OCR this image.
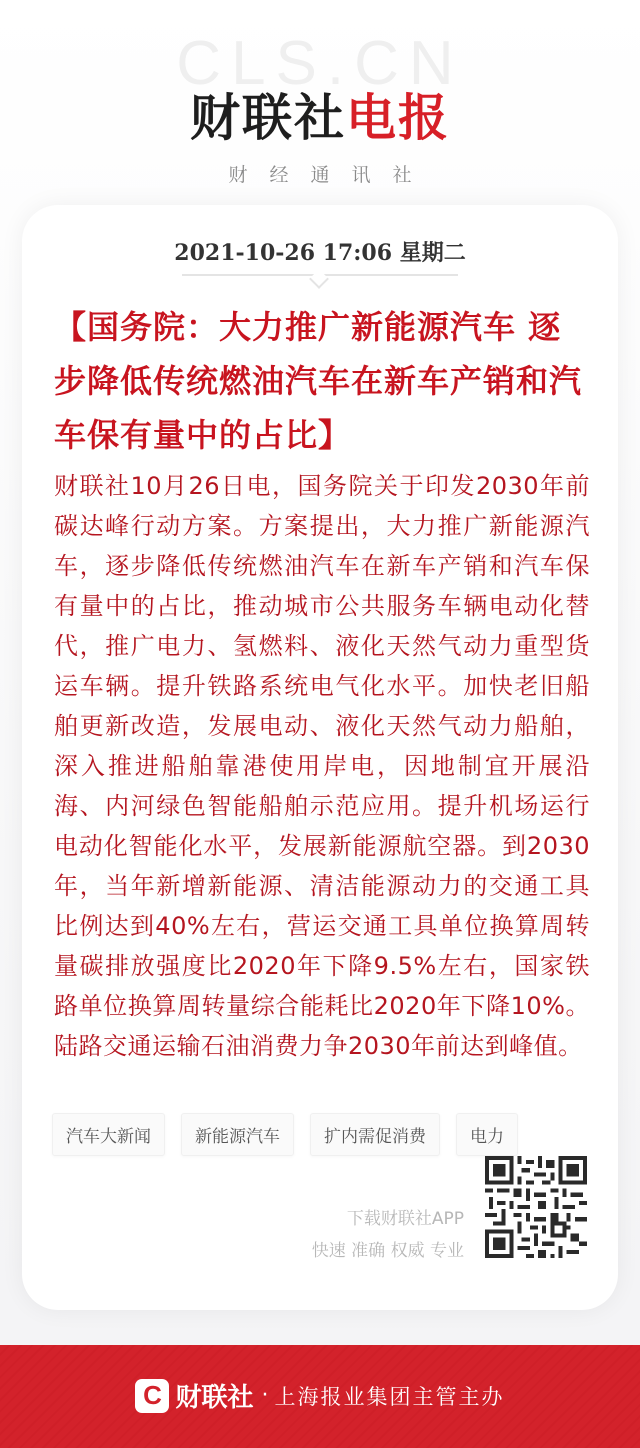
CLS.CN
财联社电报
财经通讯社
2021-10-26 17:06 星期二
【国务院：大力推广新能源汽车 逐步降低传统燃油汽车在新车产销和汽车保有量中的占比】
财联社10月26日电，国务院关于印发2030年前碳达峰行动方案。方案提出，大力推广新能源汽车，逐步降低传统燃油汽车在新车产销和汽车保有量中的占比，推动城市公共服务车辆电动化替代，推广电力、氢燃料、液化天然气动力重型货运车辆。提升铁路系统电气化水平。加快老旧船舶更新改造，发展电动、液化天然气动力船舶，深入推进船舶靠港使用岸电，因地制宜开展沿海、内河绿色智能船舶示范应用。提升机场运行电动化智能化水平，发展新能源航空器。到2030年，当年新增新能源、清洁能源动力的交通工具比例达到40%左右，营运交通工具单位换算周转量碳排放强度比2020年下降9.5%左右，国家铁路单位换算周转量综合能耗比2020年下降10%。陆路交通运输石油消费力争2030年前达到峰值。
汽车大新闻	新能源汽车	扩内需促消费	电力
下载财联社APP
快速 准确 权威 专业
C 财联社 · 上海报业集团主管主办
